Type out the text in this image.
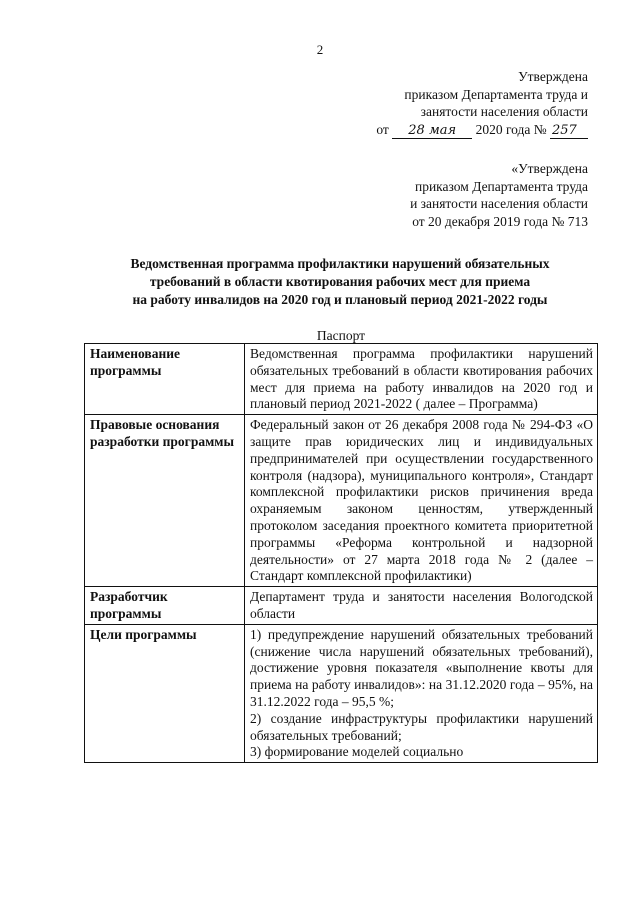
2
Утверждена
приказом Департамента труда и
занятости населения области
от 28 мая 2020 года № 257
«Утверждена
приказом Департамента труда
и занятости населения области
от 20 декабря 2019 года № 713
Ведомственная программа профилактики нарушений обязательных
требований в области квотирования рабочих мест для приема
на работу инвалидов на 2020 год и плановый период 2021-2022 годы
Паспорт
Наименование программы	Ведомственная программа профилактики нарушений обязательных требований в области квотирования рабочих мест для приема на работу инвалидов на 2020 год и плановый период 2021-2022 ( далее – Программа)
Правовые основания разработки программы	Федеральный закон от 26 декабря 2008 года № 294-ФЗ «О защите прав юридических лиц и индивидуальных предпринимателей при осуществлении государственного контроля (надзора), муниципального контроля», Стандарт комплексной профилактики рисков причинения вреда охраняемым законом ценностям, утвержденный протоколом заседания проектного комитета приоритетной программы «Реформа контрольной и надзорной деятельности» от 27 марта 2018 года № 2 (далее – Стандарт комплексной профилактики)
Разработчик программы	Департамент труда и занятости населения Вологодской области
Цели программы	1) предупреждение нарушений обязательных требований (снижение числа нарушений обязательных требований), достижение уровня показателя «выполнение квоты для приема на работу инвалидов»: на 31.12.2020 года – 95%, на 31.12.2022 года – 95,5 %;
2) создание инфраструктуры профилактики нарушений обязательных требований;
3) формирование моделей социально
